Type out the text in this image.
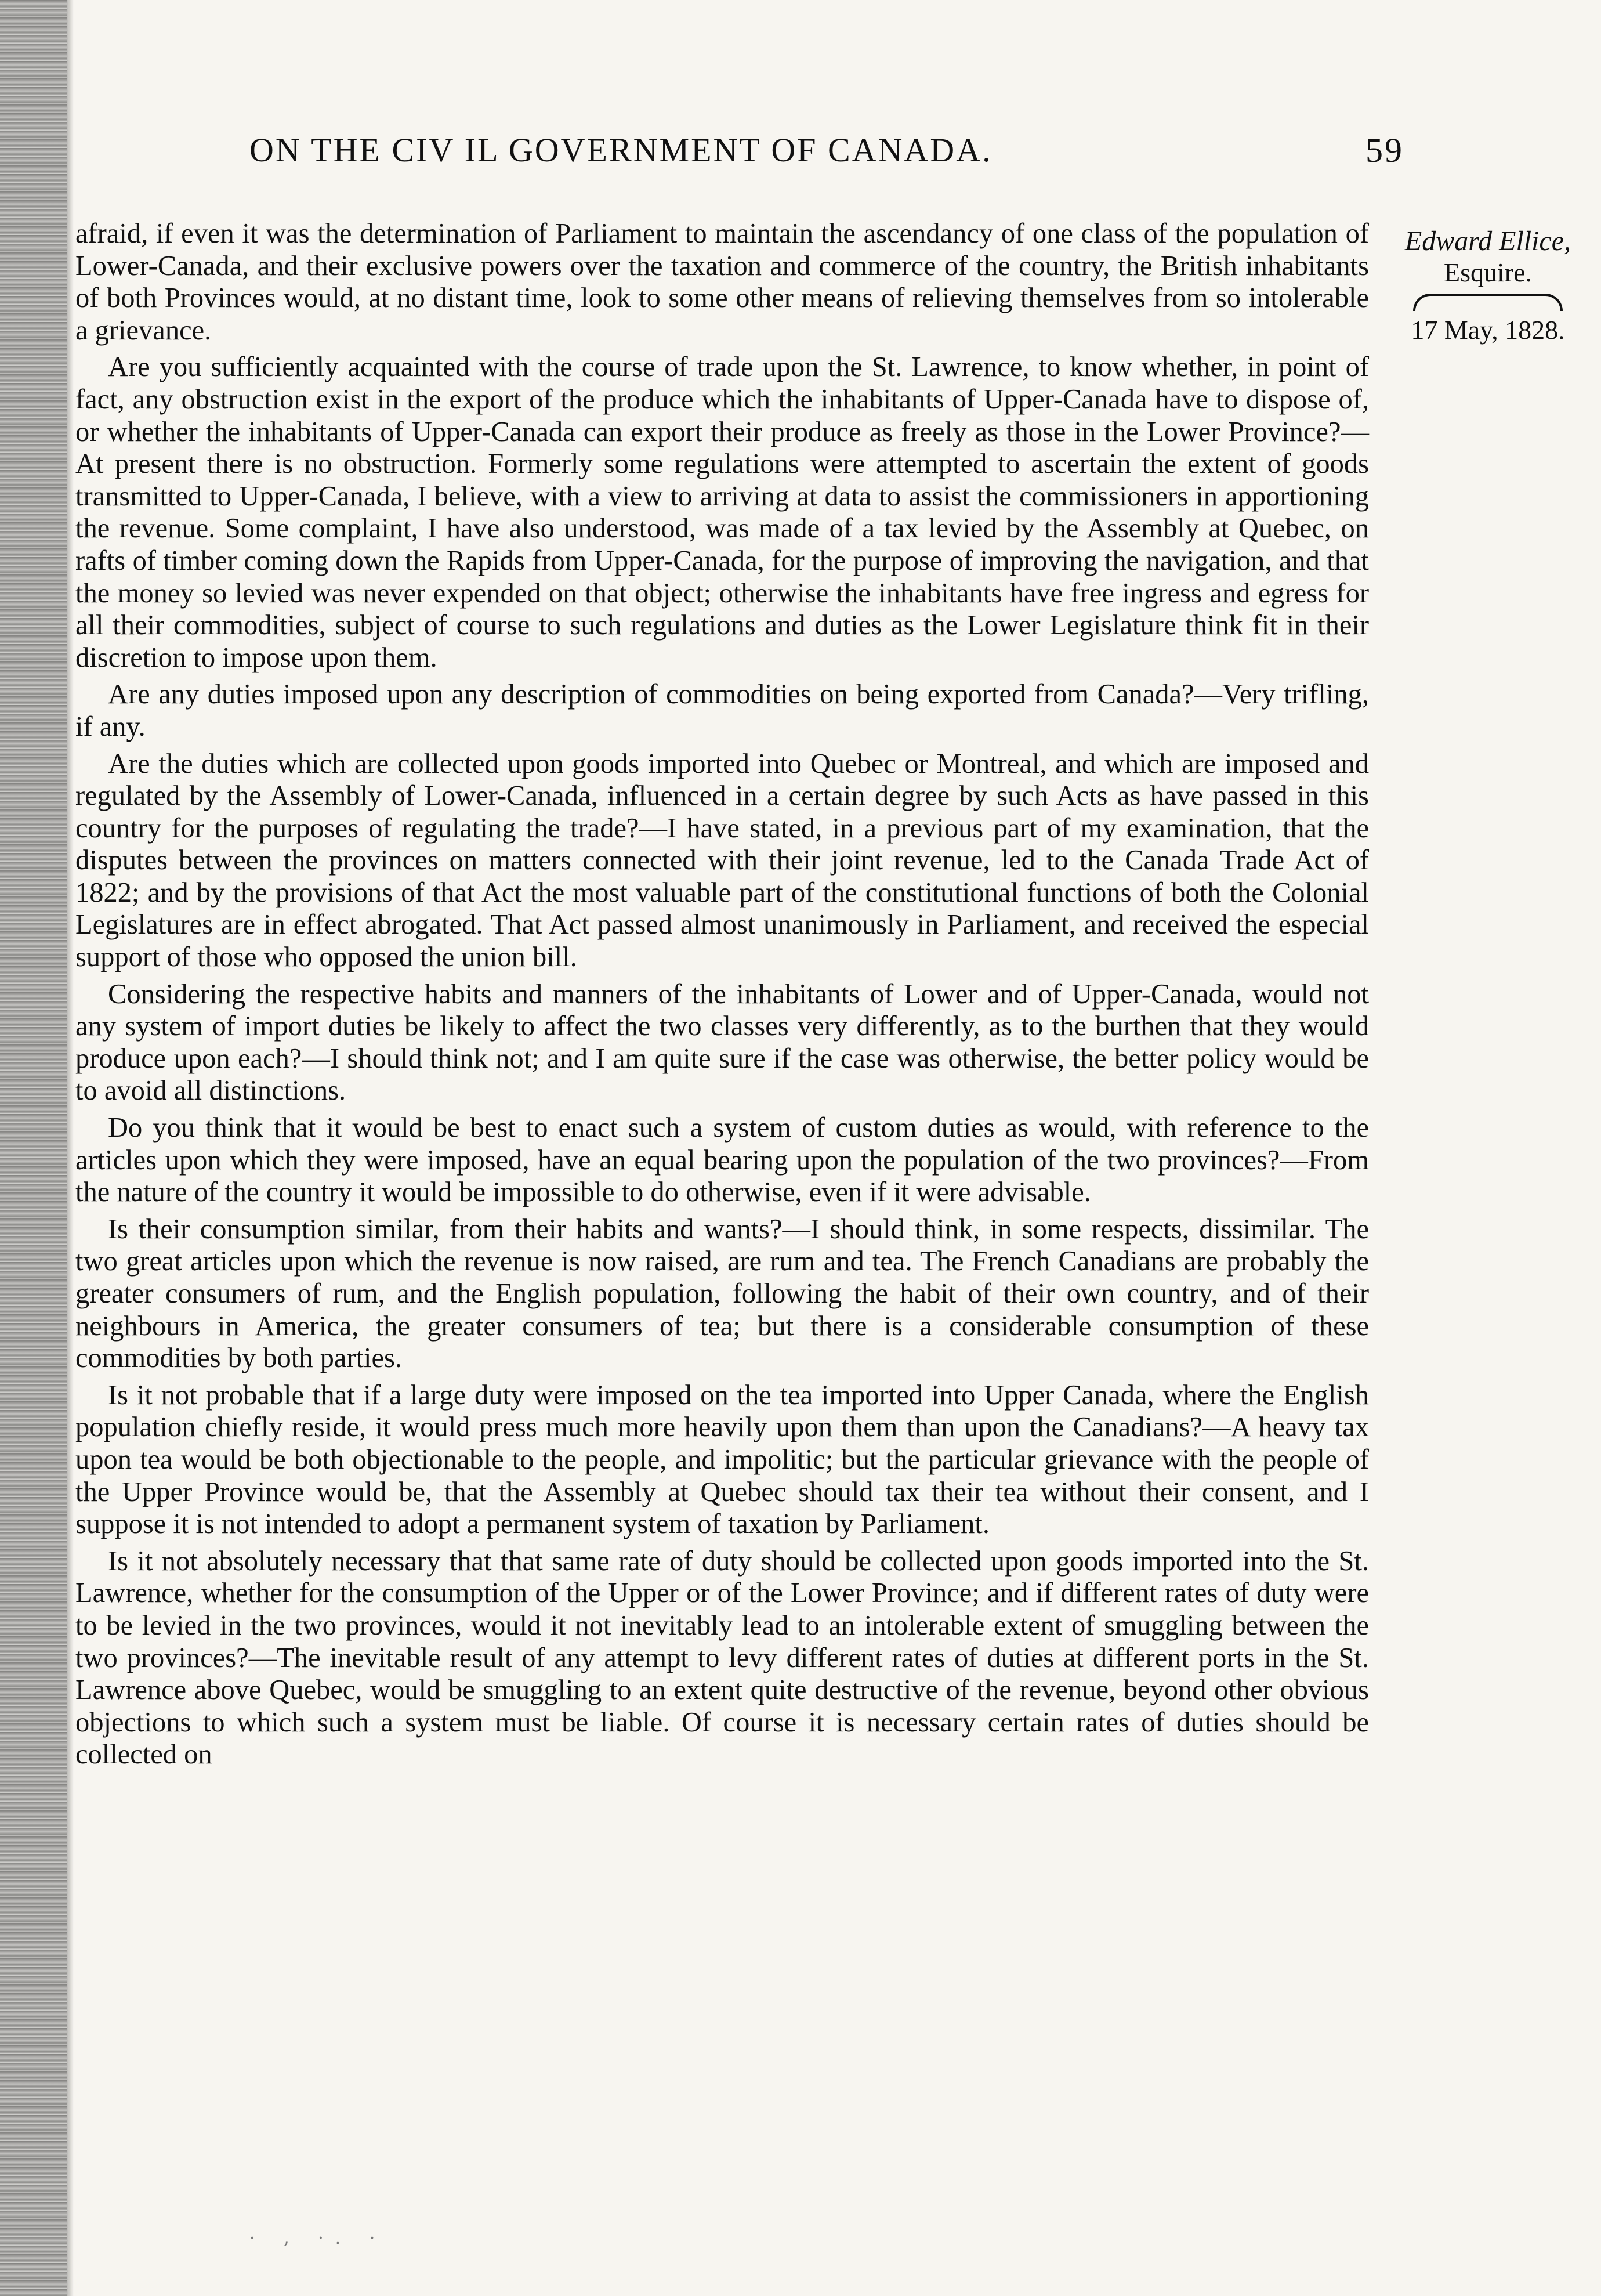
ON THE CIV IL GOVERNMENT OF CANADA.	59
Edward Ellice,
Esquire.
17 May, 1828.

afraid, if even it was the determination of Parliament to maintain the ascendancy of one class of the population of Lower-Canada, and their exclusive powers over the taxation and commerce of the country, the British inhabitants of both Provinces would, at no distant time, look to some other means of relieving themselves from so intolerable a grievance.

Are you sufficiently acquainted with the course of trade upon the St. Lawrence, to know whether, in point of fact, any obstruction exist in the export of the produce which the inhabitants of Upper-Canada have to dispose of, or whether the inhabitants of Upper-Canada can export their produce as freely as those in the Lower Province?—At present there is no obstruction. Formerly some regulations were attempted to ascertain the extent of goods transmitted to Upper-Canada, I believe, with a view to arriving at data to assist the commissioners in apportioning the revenue. Some complaint, I have also understood, was made of a tax levied by the Assembly at Quebec, on rafts of timber coming down the Rapids from Upper-Canada, for the purpose of improving the navigation, and that the money so levied was never expended on that object; otherwise the inhabitants have free ingress and egress for all their commodities, subject of course to such regulations and duties as the Lower Legislature think fit in their discretion to impose upon them.

Are any duties imposed upon any description of commodities on being exported from Canada?—Very trifling, if any.

Are the duties which are collected upon goods imported into Quebec or Montreal, and which are imposed and regulated by the Assembly of Lower-Canada, influenced in a certain degree by such Acts as have passed in this country for the purposes of regulating the trade?—I have stated, in a previous part of my examination, that the disputes between the provinces on matters connected with their joint revenue, led to the Canada Trade Act of 1822; and by the provisions of that Act the most valuable part of the constitutional functions of both the Colonial Legislatures are in effect abrogated. That Act passed almost unanimously in Parliament, and received the especial support of those who opposed the union bill.

Considering the respective habits and manners of the inhabitants of Lower and of Upper-Canada, would not any system of import duties be likely to affect the two classes very differently, as to the burthen that they would produce upon each?—I should think not; and I am quite sure if the case was otherwise, the better policy would be to avoid all distinctions.

Do you think that it would be best to enact such a system of custom duties as would, with reference to the articles upon which they were imposed, have an equal bearing upon the population of the two provinces?—From the nature of the country it would be impossible to do otherwise, even if it were advisable.

Is their consumption similar, from their habits and wants?—I should think, in some respects, dissimilar. The two great articles upon which the revenue is now raised, are rum and tea. The French Canadians are probably the greater consumers of rum, and the English population, following the habit of their own country, and of their neighbours in America, the greater consumers of tea; but there is a considerable consumption of these commodities by both parties.

Is it not probable that if a large duty were imposed on the tea imported into Upper Canada, where the English population chiefly reside, it would press much more heavily upon them than upon the Canadians?—A heavy tax upon tea would be both objectionable to the people, and impolitic; but the particular grievance with the people of the Upper Province would be, that the Assembly at Quebec should tax their tea without their consent, and I suppose it is not intended to adopt a permanent system of taxation by Parliament.

Is it not absolutely necessary that that same rate of duty should be collected upon goods imported into the St. Lawrence, whether for the consumption of the Upper or of the Lower Province; and if different rates of duty were to be levied in the two provinces, would it not inevitably lead to an intolerable extent of smuggling between the two provinces?—The inevitable result of any attempt to levy different rates of duties at different ports in the St. Lawrence above Quebec, would be smuggling to an extent quite destructive of the revenue, beyond other obvious objections to which such a system must be liable. Of course it is necessary certain rates of duties should be collected on

· , ·. ·
